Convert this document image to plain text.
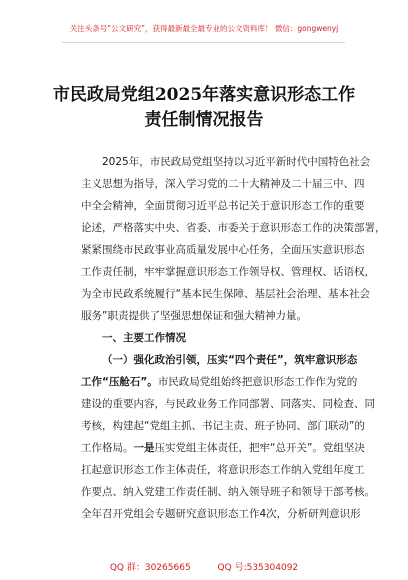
关注头条号“公文研究”，获得最新最全最专业的公文资料库！ 微信：gongwenyj
市民政局党组2025年落实意识形态工作
责任制情况报告
2025年，市民政局党组坚持以习近平新时代中国特色社会
主义思想为指导，深入学习党的二十大精神及二十届三中、四
中全会精神，全面贯彻习近平总书记关于意识形态工作的重要
论述，严格落实中央、省委、市委关于意识形态工作的决策部署，
紧紧围绕市民政事业高质量发展中心任务，全面压实意识形态
工作责任制，牢牢掌握意识形态工作领导权、管理权、话语权，
为全市民政系统履行“基本民生保障、基层社会治理、基本社会
服务”职责提供了坚强思想保证和强大精神力量。
一、主要工作情况
（一）强化政治引领，压实“四个责任”，筑牢意识形态
工作“压舱石”。市民政局党组始终把意识形态工作作为党的
建设的重要内容，与民政业务工作同部署、同落实、同检查、同
考核，构建起“党组主抓、书记主责、班子协同、部门联动”的
工作格局。一是压实党组主体责任，把牢“总开关”。党组坚决
扛起意识形态工作主体责任，将意识形态工作纳入党组年度工
作要点、纳入党建工作责任制、纳入领导班子和领导干部考核。
全年召开党组会专题研究意识形态工作4次，分析研判意识形
QQ 群：30265665	QQ 号:535304092
